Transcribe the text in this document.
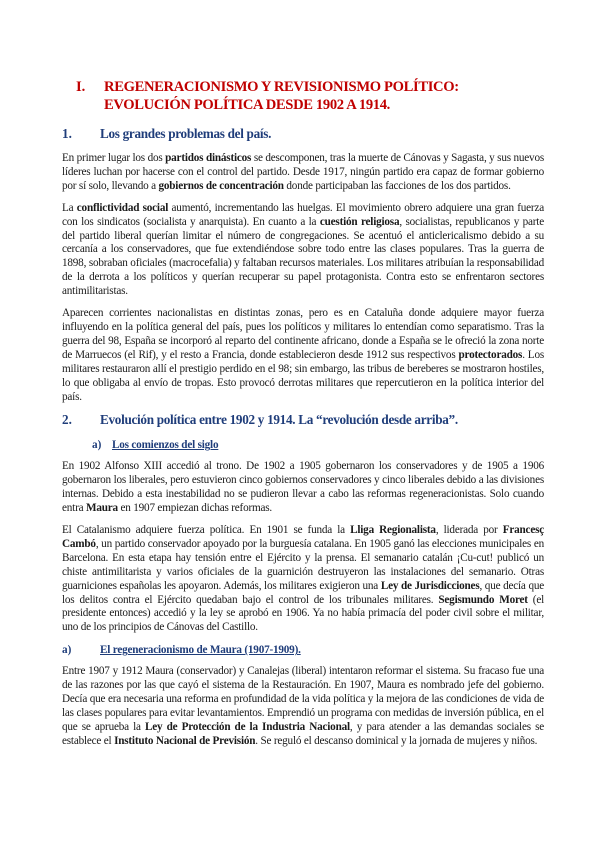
I.	REGENERACIONISMO Y REVISIONISMO POLÍTICO: EVOLUCIÓN POLÍTICA DESDE 1902 A 1914.
1.	Los grandes problemas del país.

En primer lugar los dos partidos dinásticos se descomponen, tras la muerte de Cánovas y Sagasta, y sus nuevos líderes luchan por hacerse con el control del partido. Desde 1917, ningún partido era capaz de formar gobierno por sí solo, llevando a gobiernos de concentración donde participaban las facciones de los dos partidos.

La conflictividad social aumentó, incrementando las huelgas. El movimiento obrero adquiere una gran fuerza con los sindicatos (socialista y anarquista). En cuanto a la cuestión religiosa, socialistas, republicanos y parte del partido liberal querían limitar el número de congregaciones. Se acentuó el anticlericalismo debido a su cercanía a los conservadores, que fue extendiéndose sobre todo entre las clases populares. Tras la guerra de 1898, sobraban oficiales (macrocefalia) y faltaban recursos materiales. Los militares atribuían la responsabilidad de la derrota a los políticos y querían recuperar su papel protagonista. Contra esto se enfrentaron sectores antimilitaristas.

Aparecen corrientes nacionalistas en distintas zonas, pero es en Cataluña donde adquiere mayor fuerza influyendo en la política general del país, pues los políticos y militares lo entendían como separatismo. Tras la guerra del 98, España se incorporó al reparto del continente africano, donde a España se le ofreció la zona norte de Marruecos (el Rif), y el resto a Francia, donde establecieron desde 1912 sus respectivos protectorados. Los militares restauraron allí el prestigio perdido en el 98; sin embargo, las tribus de bereberes se mostraron hostiles, lo que obligaba al envío de tropas. Esto provocó derrotas militares que repercutieron en la política interior del país.

2.	Evolución política entre 1902 y 1914. La “revolución desde arriba”.
a) Los comienzos del siglo

En 1902 Alfonso XIII accedió al trono. De 1902 a 1905 gobernaron los conservadores y de 1905 a 1906 gobernaron los liberales, pero estuvieron cinco gobiernos conservadores y cinco liberales debido a las divisiones internas. Debido a esta inestabilidad no se pudieron llevar a cabo las reformas regeneracionistas. Solo cuando entra Maura en 1907 empiezan dichas reformas.

El Catalanismo adquiere fuerza política. En 1901 se funda la Lliga Regionalista, liderada por Francesç Cambó, un partido conservador apoyado por la burguesía catalana. En 1905 ganó las elecciones municipales en Barcelona. En esta etapa hay tensión entre el Ejército y la prensa. El semanario catalán ¡Cu-cut! publicó un chiste antimilitarista y varios oficiales de la guarnición destruyeron las instalaciones del semanario. Otras guarniciones españolas les apoyaron. Además, los militares exigieron una Ley de Jurisdicciones, que decía que los delitos contra el Ejército quedaban bajo el control de los tribunales militares. Segismundo Moret (el presidente entonces) accedió y la ley se aprobó en 1906. Ya no había primacía del poder civil sobre el militar, uno de los principios de Cánovas del Castillo.

a)	El regeneracionismo de Maura (1907-1909).

Entre 1907 y 1912 Maura (conservador) y Canalejas (liberal) intentaron reformar el sistema. Su fracaso fue una de las razones por las que cayó el sistema de la Restauración. En 1907, Maura es nombrado jefe del gobierno. Decía que era necesaria una reforma en profundidad de la vida política y la mejora de las condiciones de vida de las clases populares para evitar levantamientos. Emprendió un programa con medidas de inversión pública, en el que se aprueba la Ley de Protección de la Industria Nacional, y para atender a las demandas sociales se establece el Instituto Nacional de Previsión. Se reguló el descanso dominical y la jornada de mujeres y niños.
